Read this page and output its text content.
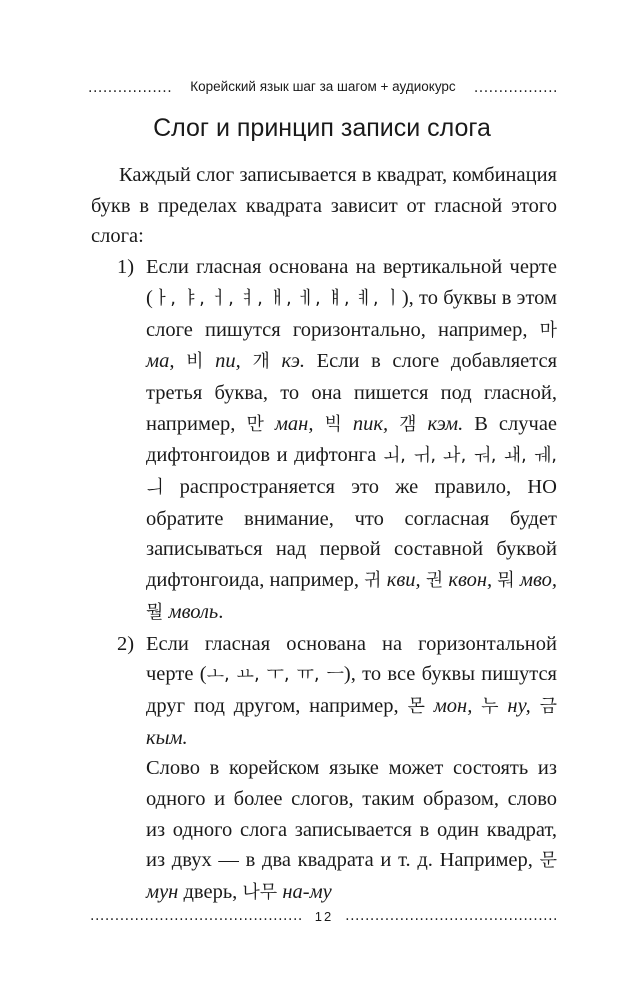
................. Корейский язык шаг за шагом + аудиокурс .................
Слог и принцип записи слога

Каждый слог записывается в квадрат, комбинация букв в пределах квадрата зависит от гласной этого слога:

1) Если гласная основана на вертикальной черте (ㅏ, ㅑ, ㅓ, ㅕ, ㅐ, ㅔ, ㅒ, ㅖ, ㅣ), то буквы в этом слоге пишутся горизонтально, например, 마 ма, 비 пи, 개 кэ. Если в слоге добавляется третья буква, то она пишется под гласной, например, 만 ман, 빅 пик, 갬 кэм. В случае дифтонгоидов и дифтонга ㅚ, ㅟ, ㅘ, ㅝ, ㅙ, ㅞ, ㅢ распространяется это же правило, НО обратите внимание, что согласная будет записываться над первой составной буквой дифтонгоида, например, 귀 кви, 권 квон, 뭐 мво, 뭘 мволь.

2) Если гласная основана на горизонтальной черте (ㅗ, ㅛ, ㅜ, ㅠ, ㅡ), то все буквы пишутся друг под другом, например, 몬 мон, 누 ну, 금 кым.

Слово в корейском языке может состоять из одного и более слогов, таким образом, слово из одного слога записывается в один квадрат, из двух — в два квадрата и т. д. Например, 문 мун дверь, 나무 на-му

........................................... 12 ...........................................
